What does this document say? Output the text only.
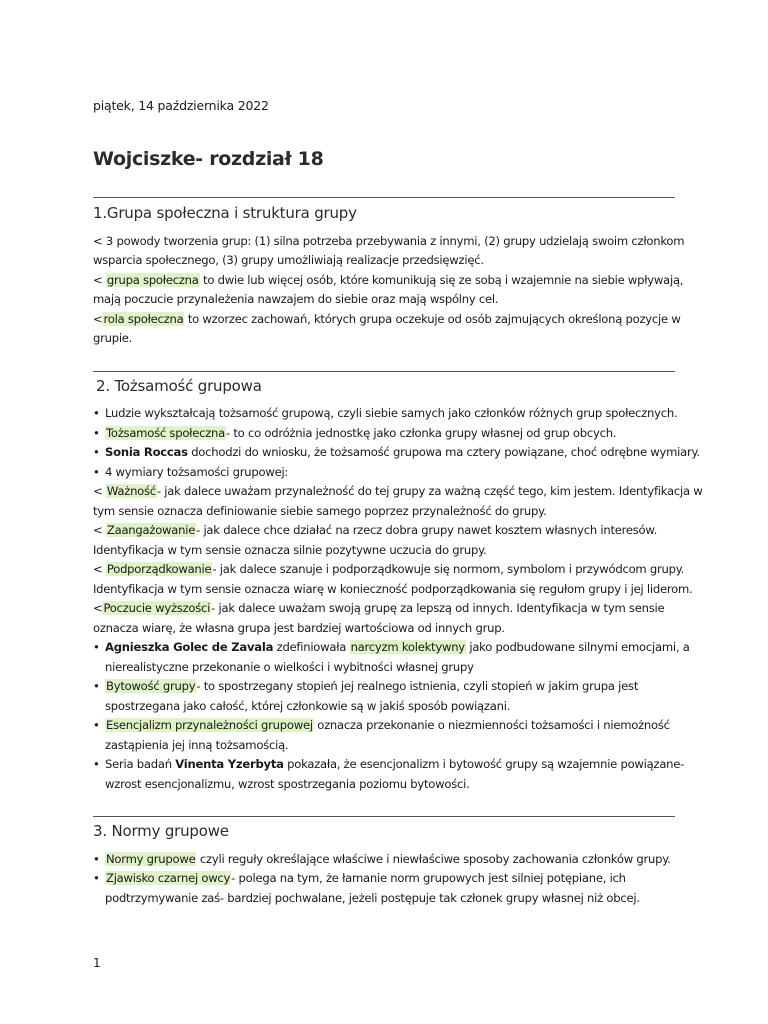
piątek, 14 października 2022
Wojciszke- rozdział 18
1.Grupa społeczna i struktura grupy
< 3 powody tworzenia grup: (1) silna potrzeba przebywania z innymi, (2) grupy udzielają swoim członkom
wsparcia społecznego, (3) grupy umożliwiają realizacje przedsięwzięć.
< grupa społeczna to dwie lub więcej osób, które komunikują się ze sobą i wzajemnie na siebie wpływają,
mają poczucie przynależenia nawzajem do siebie oraz mają wspólny cel.
<rola społeczna to wzorzec zachowań, których grupa oczekuje od osób zajmujących określoną pozycje w
grupie.
2. Tożsamość grupowa
• Ludzie wykształcają tożsamość grupową, czyli siebie samych jako członków różnych grup społecznych.
• Tożsamość społeczna- to co odróżnia jednostkę jako członka grupy własnej od grup obcych.
• Sonia Roccas dochodzi do wniosku, że tożsamość grupowa ma cztery powiązane, choć odrębne wymiary.
• 4 wymiary tożsamości grupowej:
< Ważność- jak dalece uważam przynależność do tej grupy za ważną część tego, kim jestem. Identyfikacja w
tym sensie oznacza definiowanie siebie samego poprzez przynależność do grupy.
< Zaangażowanie- jak dalece chce działać na rzecz dobra grupy nawet kosztem własnych interesów.
Identyfikacja w tym sensie oznacza silnie pozytywne uczucia do grupy.
< Podporządkowanie- jak dalece szanuje i podporządkowuje się normom, symbolom i przywódcom grupy.
Identyfikacja w tym sensie oznacza wiarę w konieczność podporządkowania się regułom grupy i jej liderom.
<Poczucie wyższości- jak dalece uważam swoją grupę za lepszą od innych. Identyfikacja w tym sensie
oznacza wiarę, że własna grupa jest bardziej wartościowa od innych grup.
• Agnieszka Golec de Zavala zdefiniowała narcyzm kolektywny jako podbudowane silnymi emocjami, a
nierealistyczne przekonanie o wielkości i wybitności własnej grupy
• Bytowość grupy- to spostrzegany stopień jej realnego istnienia, czyli stopień w jakim grupa jest
spostrzegana jako całość, której członkowie są w jakiś sposób powiązani.
• Esencjalizm przynależności grupowej oznacza przekonanie o niezmienności tożsamości i niemożność
zastąpienia jej inną tożsamością.
• Seria badań Vinenta Yzerbyta pokazała, że esencjonalizm i bytowość grupy są wzajemnie powiązane-
wzrost esencjonalizmu, wzrost spostrzegania poziomu bytowości.
3. Normy grupowe
• Normy grupowe czyli reguły określające właściwe i niewłaściwe sposoby zachowania członków grupy.
• Zjawisko czarnej owcy- polega na tym, że łamanie norm grupowych jest silniej potępiane, ich
podtrzymywanie zaś- bardziej pochwalane, jeżeli postępuje tak członek grupy własnej niż obcej.
1
